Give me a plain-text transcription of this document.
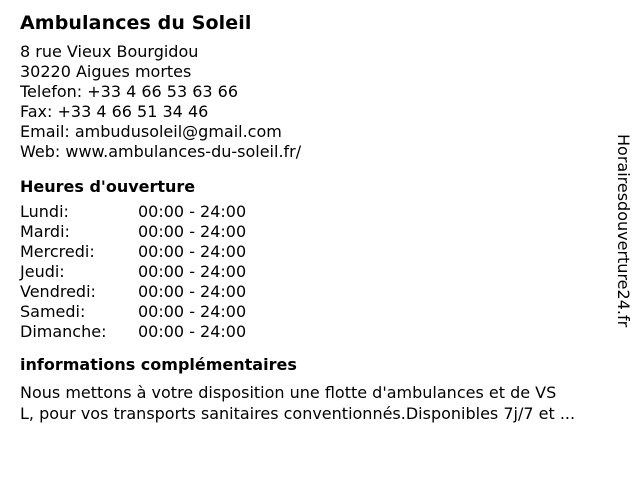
Ambulances du Soleil
8 rue Vieux Bourgidou
30220 Aigues mortes
Telefon: +33 4 66 53 63 66
Fax: +33 4 66 51 34 46
Email: ambudusoleil@gmail.com
Web: www.ambulances-du-soleil.fr/
Heures d'ouverture
Lundi:	00:00 - 24:00
Mardi:	00:00 - 24:00
Mercredi:	00:00 - 24:00
Jeudi:	00:00 - 24:00
Vendredi:	00:00 - 24:00
Samedi:	00:00 - 24:00
Dimanche:	00:00 - 24:00
informations complémentaires
Nous mettons à votre disposition une flotte d'ambulances et de VS
L, pour vos transports sanitaires conventionnés.Disponibles 7j/7 et ...
Horairesdouverture24.fr
